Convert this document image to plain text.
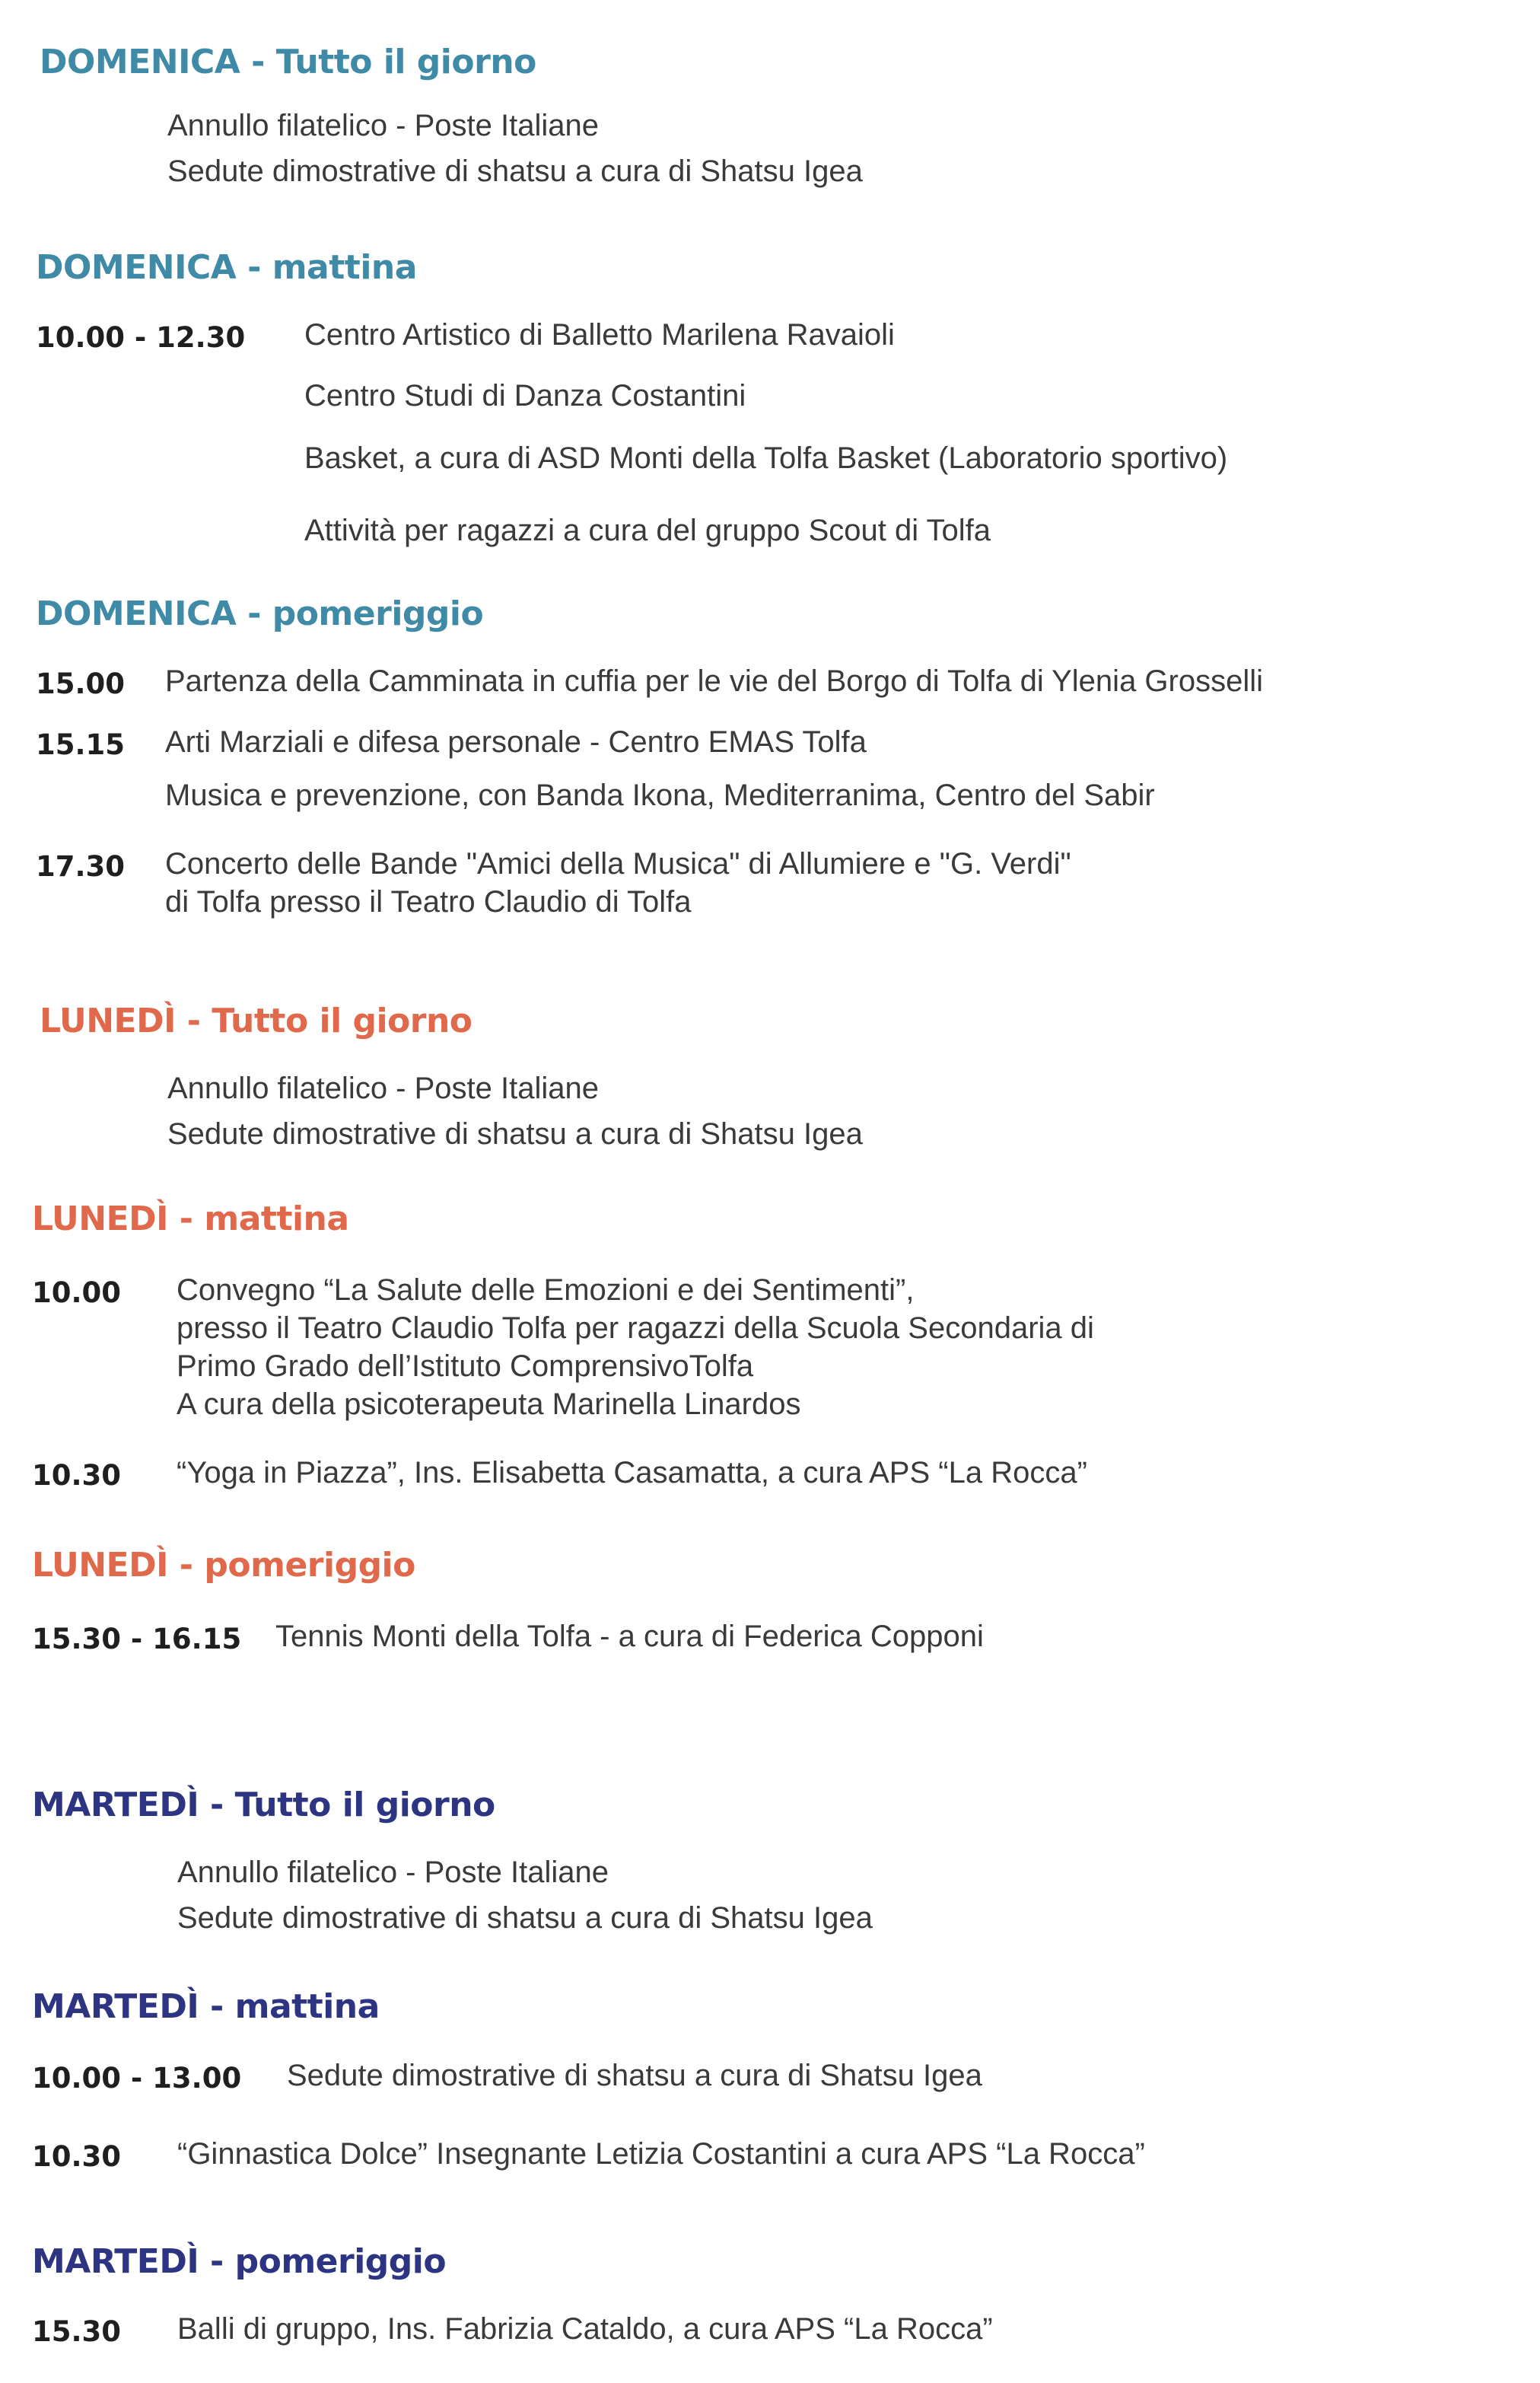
DOMENICA - Tutto il giorno
Annullo filatelico - Poste Italiane
Sedute dimostrative di shatsu a cura di Shatsu Igea
DOMENICA - mattina
10.00 - 12.30 Centro Artistico di Balletto Marilena Ravaioli
Centro Studi di Danza Costantini
Basket, a cura di ASD Monti della Tolfa Basket (Laboratorio sportivo)
Attività per ragazzi a cura del gruppo Scout di Tolfa
DOMENICA - pomeriggio
15.00 Partenza della Camminata in cuffia per le vie del Borgo di Tolfa di Ylenia Grosselli
15.15 Arti Marziali e difesa personale - Centro EMAS Tolfa
Musica e prevenzione, con Banda Ikona, Mediterranima, Centro del Sabir
17.30 Concerto delle Bande "Amici della Musica" di Allumiere e "G. Verdi"
di Tolfa presso il Teatro Claudio di Tolfa
LUNEDÌ - Tutto il giorno
Annullo filatelico - Poste Italiane
Sedute dimostrative di shatsu a cura di Shatsu Igea
LUNEDÌ - mattina
10.00 Convegno “La Salute delle Emozioni e dei Sentimenti”,
presso il Teatro Claudio Tolfa per ragazzi della Scuola Secondaria di
Primo Grado dell’Istituto ComprensivoTolfa
A cura della psicoterapeuta Marinella Linardos
10.30 “Yoga in Piazza”, Ins. Elisabetta Casamatta, a cura APS “La Rocca”
LUNEDÌ - pomeriggio
15.30 - 16.15 Tennis Monti della Tolfa - a cura di Federica Copponi
MARTEDÌ - Tutto il giorno
Annullo filatelico - Poste Italiane
Sedute dimostrative di shatsu a cura di Shatsu Igea
MARTEDÌ - mattina
10.00 - 13.00 Sedute dimostrative di shatsu a cura di Shatsu Igea
10.30 “Ginnastica Dolce” Insegnante Letizia Costantini a cura APS “La Rocca”
MARTEDÌ - pomeriggio
15.30 Balli di gruppo, Ins. Fabrizia Cataldo, a cura APS “La Rocca”
